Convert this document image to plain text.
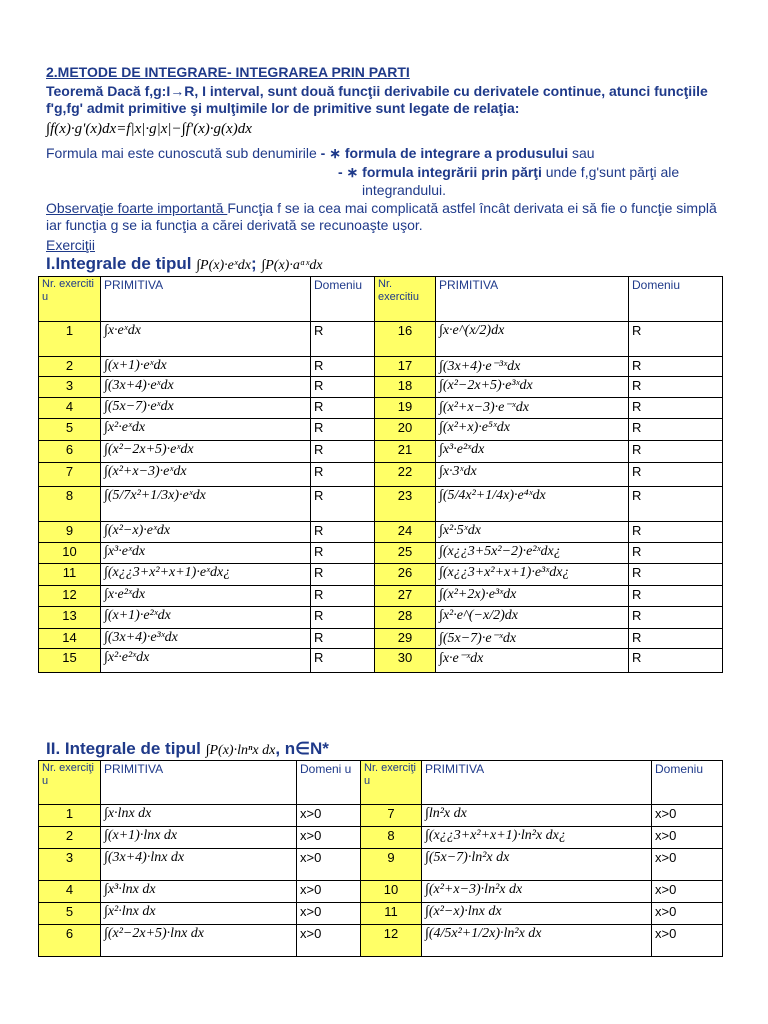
2.METODE DE INTEGRARE- INTEGRAREA PRIN PARTI
Teoremă Dacă f,g:I→R, I interval, sunt două funcţii derivabile cu derivatele continue, atunci funcţiile f'g,fg' admit primitive şi mulţimile lor de primitive sunt legate de relaţia:
∫f(x)·g'(x)dx=f|x|·g|x|−∫f'(x)·g(x)dx
Formula mai este cunoscută sub denumirile - ∗ formula de integrare a produsului sau
- ∗ formula integrării prin părţi unde f,g'sunt părţi ale
integrandului.
Observaţie foarte importantă Funcţia f se ia cea mai complicată astfel încât derivata ei să fie o funcţie simplă iar funcţia g se ia funcţia a cărei derivată se recunoaşte uşor.
Exerciţii
I.Integrale de tipul ∫P(x)·eˣdx; ∫P(x)·aᵅˣdx
Nr. exerciti u	PRIMITIVA	Domeniu	Nr. exercitiu	PRIMITIVA	Domeniu
1	∫x·eˣdx	R	16	∫x·e^(x/2)dx	R
2	∫(x+1)·eˣdx	R	17	∫(3x+4)·e⁻³ˣdx	R
3	∫(3x+4)·eˣdx	R	18	∫(x²−2x+5)·e³ˣdx	R
4	∫(5x−7)·eˣdx	R	19	∫(x²+x−3)·e⁻ˣdx	R
5	∫x²·eˣdx	R	20	∫(x²+x)·e⁵ˣdx	R
6	∫(x²−2x+5)·eˣdx	R	21	∫x³·e²ˣdx	R
7	∫(x²+x−3)·eˣdx	R	22	∫x·3ˣdx	R
8	∫(5/7x²+1/3x)·eˣdx	R	23	∫(5/4x²+1/4x)·e⁴ˣdx	R
9	∫(x²−x)·eˣdx	R	24	∫x²·5ˣdx	R
10	∫x³·eˣdx	R	25	∫(x¿¿3+5x²−2)·e²ˣdx¿	R
11	∫(x¿¿3+x²+x+1)·eˣdx¿	R	26	∫(x¿¿3+x²+x+1)·e³ˣdx¿	R
12	∫x·e²ˣdx	R	27	∫(x²+2x)·e³ˣdx	R
13	∫(x+1)·e²ˣdx	R	28	∫x²·e^(−x/2)dx	R
14	∫(3x+4)·e³ˣdx	R	29	∫(5x−7)·e⁻ˣdx	R
15	∫x²·e²ˣdx	R	30	∫x·e⁻ˣdx	R
II. Integrale de tipul ∫P(x)·lnⁿx dx, n∈N*
Nr. exerciţi u	PRIMITIVA	Domeni u	Nr. exerciţi u	PRIMITIVA	Domeniu
1	∫x·lnx dx	x>0	7	∫ln²x dx	x>0
2	∫(x+1)·lnx dx	x>0	8	∫(x¿¿3+x²+x+1)·ln²x dx¿	x>0
3	∫(3x+4)·lnx dx	x>0	9	∫(5x−7)·ln²x dx	x>0
4	∫x³·lnx dx	x>0	10	∫(x²+x−3)·ln²x dx	x>0
5	∫x²·lnx dx	x>0	11	∫(x²−x)·lnx dx	x>0
6	∫(x²−2x+5)·lnx dx	x>0	12	∫(4/5x²+1/2x)·ln²x dx	x>0
